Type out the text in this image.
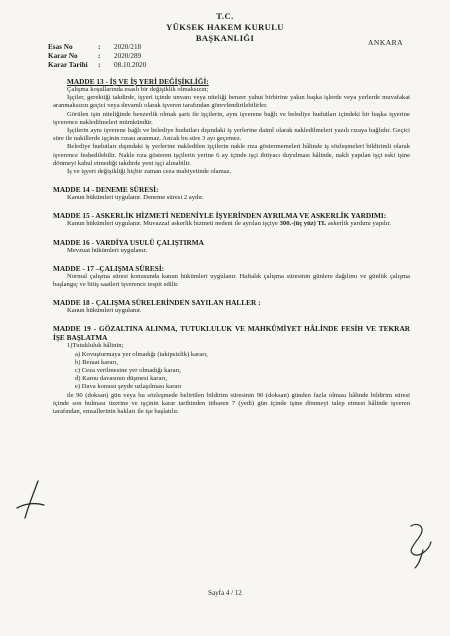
T.C.
YÜKSEK HAKEM KURULU
BAŞKANLIĞI	ANKARA
Esas No	:	2020/218
Karar No	:	2020/289
Karar Tarihi	:	08.10.2020

MADDE 13 - İŞ VE İŞ YERİ DEĞİŞİKLİĞİ:

Çalışma koşullarında esaslı bir değişiklik olmaksızın;

İşçiler, gerektiği takdirde, işyeri içinde unvanı veya niteliği benzer yahut birbirine yakın başka işlerde veya yerlerde muvafakat aranmaksızın geçici veya devamlı olarak işveren tarafından görevlendirilebilirler.

Görülen işin niteliğinde benzerlik olmak şartı ile işçilerin, aynı işverene bağlı ve belediye hudutları içindeki bir başka işyerine işverence nakledilmeleri mümkündür.

İşçilerin aynı işverene bağlı ve belediye hudutları dışındaki iş yerlerine daimî olarak nakledilmeleri yazılı rızaya bağlıdır. Geçici süre ile nakillerde işçinin rızası aranmaz. Ancak bu süre 3 ayı geçemez.

Belediye hudutları dışındaki iş yerlerine nakledilen işçilerin nakle rıza göstermemeleri hâlinde iş sözleşmeleri bildirimli olarak işverence feshedilebilir. Nakle rıza gösteren işçilerin yerine 6 ay içinde işçi ihtiyacı duyulması hâlinde, nakli yapılan işçi eski işine dönmeyi kabul etmediği takdirde yeni işçi alınabilir.

İş ve işyeri değişikliği hiçbir zaman ceza mahiyetinde olamaz.

MADDE 14 - DENEME SÜRESİ:

Kanun hükümleri uygulanır. Deneme süresi 2 aydır.

MADDE 15 - ASKERLİK HİZMETİ NEDENİYLE İŞYERİNDEN AYRILMA VE ASKERLİK YARDIMI:

Kanun hükümleri uygulanır. Muvazzaf askerlik hizmeti nedeni ile ayrılan işçiye 300.-(üç yüz) TL askerlik yardımı yapılır.

MADDE 16 - VARDİYA USULÜ ÇALIŞTIRMA

Mevzuat hükümleri uygulanır.

MADDE - 17 –ÇALIŞMA SÜRESİ:

Normal çalışma süresi konusunda kanun hükümleri uygulanır. Haftalık çalışma süresinin günlere dağılımı ve günlük çalışma başlangıç ve bitiş saatleri işverence tespit edilir.

MADDE 18 - ÇALIŞMA SÜRELERİNDEN SAYILAN HALLER :

Kanun hükümleri uygulanır.

MADDE 19 - GÖZALTINA ALINMA, TUTUKLULUK VE MAHKÛMİYET HÂLİNDE FESİH VE TEKRAR İŞE BAŞLATMA

1)Tutukluluk hâlinin;

a) Kovuşturmaya yer olmadığı (takipsizlik) kararı,

b) Beraat kararı,

c) Ceza verilmesine yer olmadığı kararı,

d) Kamu davasının düşmesi kararı,

e) Dava konusu şeyde uzlaşılması kararı

ile 90 (doksan) gün veya bu sözleşmede belirtilen bildirim süresinin 90 (doksan) günden fazla olması hâlinde bildirim süresi içinde son bulması üzerine ve işçinin karar tarihinden itibaren 7 (yedi) gün içinde işine dönmeyi talep etmesi hâlinde işveren tarafından, emsallerinin hakları ile işe başlatılır.

Sayfa 4 / 12
